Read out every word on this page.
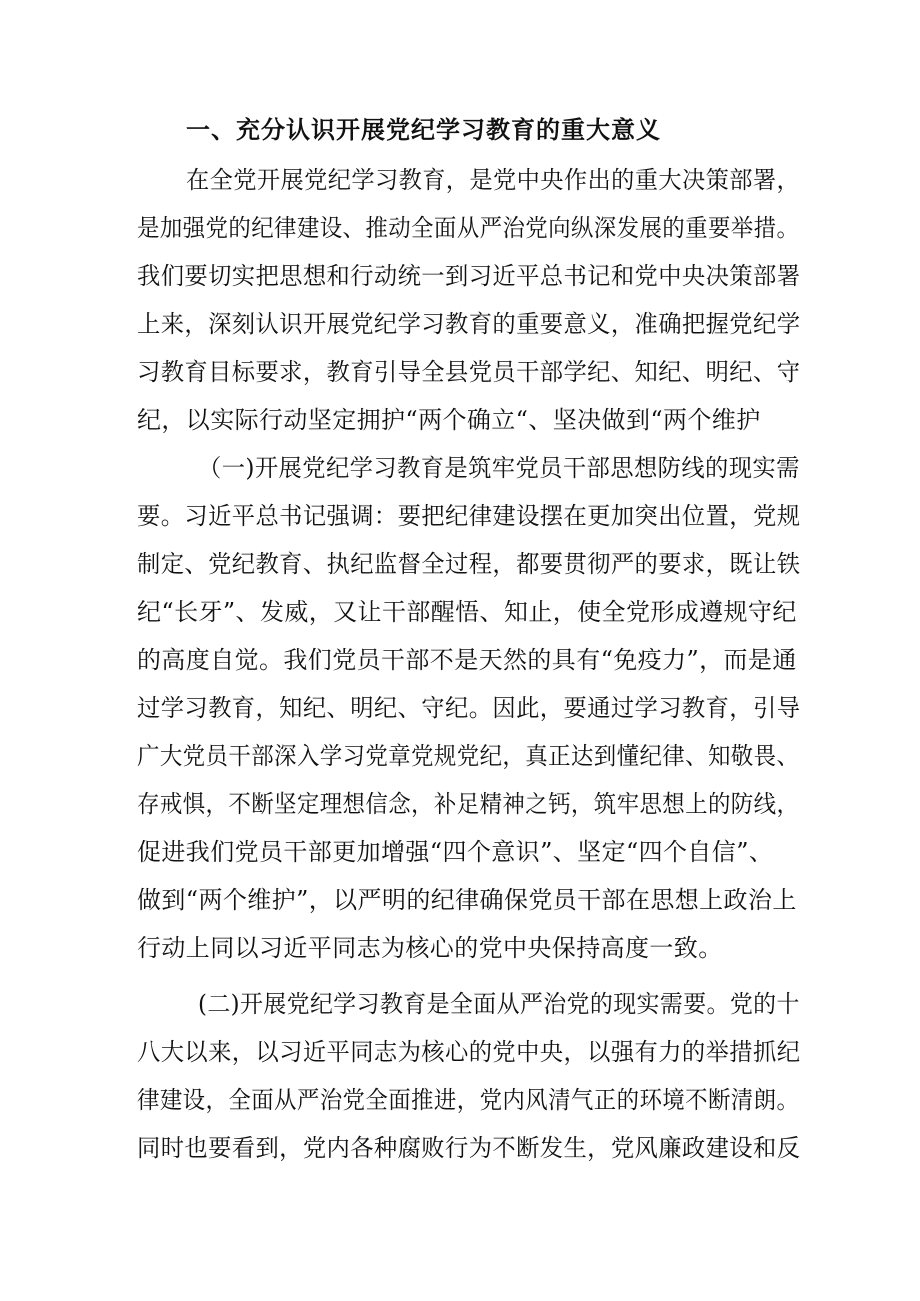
一、充分认识开展党纪学习教育的重大意义
在全党开展党纪学习教育，是党中央作出的重大决策部署，
是加强党的纪律建设、推动全面从严治党向纵深发展的重要举措。
我们要切实把思想和行动统一到习近平总书记和党中央决策部署
上来，深刻认识开展党纪学习教育的重要意义，准确把握党纪学
习教育目标要求，教育引导全县党员干部学纪、知纪、明纪、守
纪，以实际行动坚定拥护“两个确立“、坚决做到“两个维护
（一)开展党纪学习教育是筑牢党员干部思想防线的现实需
要。习近平总书记强调：要把纪律建设摆在更加突出位置，党规
制定、党纪教育、执纪监督全过程，都要贯彻严的要求，既让铁
纪“长牙”、发威，又让干部醒悟、知止，使全党形成遵规守纪
的高度自觉。我们党员干部不是天然的具有“免疫力”，而是通
过学习教育，知纪、明纪、守纪。因此，要通过学习教育，引导
广大党员干部深入学习党章党规党纪，真正达到懂纪律、知敬畏、
存戒惧，不断坚定理想信念，补足精神之钙，筑牢思想上的防线，
促进我们党员干部更加增强“四个意识”、坚定“四个自信”、
做到“两个维护”，以严明的纪律确保党员干部在思想上政治上
行动上同以习近平同志为核心的党中央保持高度一致。
(二)开展党纪学习教育是全面从严治党的现实需要。党的十
八大以来，以习近平同志为核心的党中央，以强有力的举措抓纪
律建设，全面从严治党全面推进，党内风清气正的环境不断清朗。
同时也要看到，党内各种腐败行为不断发生，党风廉政建设和反
